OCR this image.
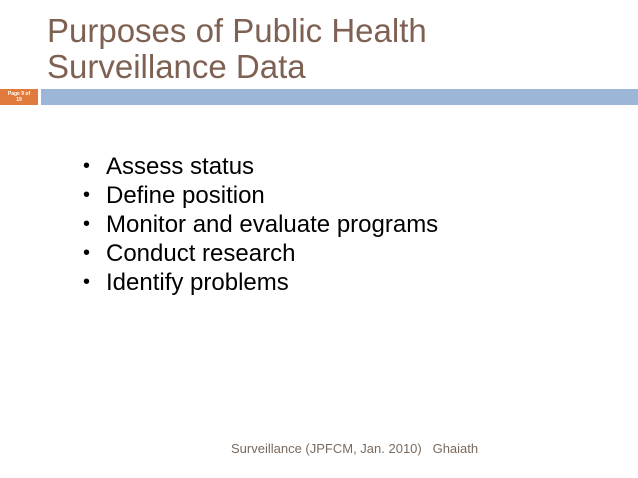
Purposes of Public Health
Surveillance Data
Page 9 of
19
• Assess status
• Define position
• Monitor and evaluate programs
• Conduct research
• Identify problems
Surveillance (JPFCM, Jan. 2010)   Ghaiath
